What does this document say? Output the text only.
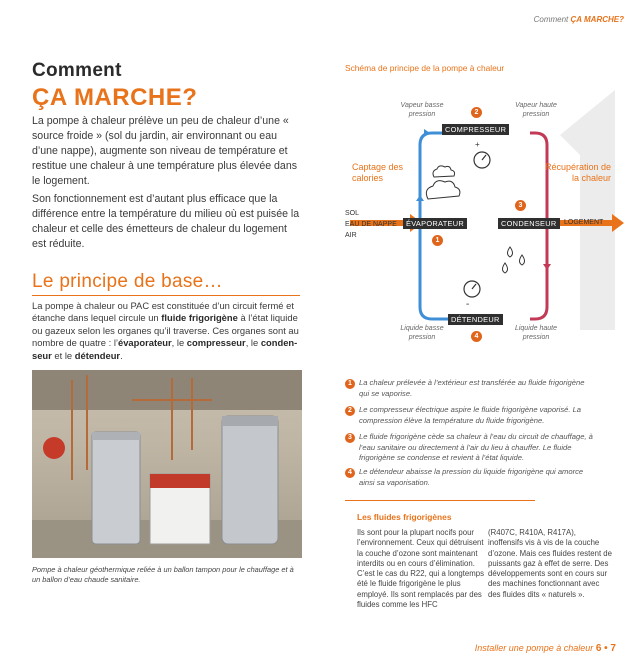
Comment ÇA MARCHE?
Comment
ÇA MARCHE?
La pompe à chaleur prélève un peu de chaleur d’une « source froide » (sol du jardin, air environnant ou eau d’une nappe), augmente son niveau de température et restitue une chaleur à une température plus élevée dans le logement.
Son fonctionnement est d’autant plus efficace que la différence entre la température du milieu où est puisée la chaleur et celle des émetteurs de chaleur du logement est réduite.
Le principe de base…
La pompe à chaleur ou PAC est constituée d’un circuit fermé et étanche dans lequel circule un fluide frigorigène à l’état liquide ou gazeux selon les organes qu’il traverse. Ces organes sont au nombre de quatre : l’évaporateur, le compresseur, le condenseur et le détendeur.
Pompe à chaleur géothermique reliée à un ballon tampon pour le chauffage et à un ballon d’eau chaude sanitaire.
Schéma de principe de la pompe à chaleur
+
-
Vapeur basse pression
Vapeur haute pression
2
COMPRESSEUR
Captage des calories
Récupération de la chaleur
3
SOL
EAU DE NAPPE
AIR
ÉVAPORATEUR	CONDENSEUR	LOGEMENT
1
DÉTENDEUR
Liquide basse pression
Liquide haute pression
4
1 La chaleur prélevée à l’extérieur est transférée au fluide frigorigène qui se vaporise.
2 Le compresseur électrique aspire le fluide frigorigène vaporisé. La compression élève la température du fluide frigorigène.
3 Le fluide frigorigène cède sa chaleur à l’eau du circuit de chauffage, à l’eau sanitaire ou directement à l’air du lieu à chauffer. Le fluide frigorigène se condense et revient à l’état liquide.
4 Le détendeur abaisse la pression du liquide frigorigène qui amorce ainsi sa vaporisation.
Les fluides frigorigènes
Ils sont pour la plupart nocifs pour l’environnement. Ceux qui détruisent la couche d’ozone sont maintenant interdits ou en cours d’élimination. C’est le cas du R22, qui a longtemps été le fluide frigorigène le plus employé. Ils sont remplacés par des fluides comme les HFC
(R407C, R410A, R417A), inoffensifs vis à vis de la couche d’ozone. Mais ces fluides restent de puissants gaz à effet de serre. Des développements sont en cours sur des machines fonctionnant avec des fluides dits « naturels ».
Installer une pompe à chaleur 6 • 7
